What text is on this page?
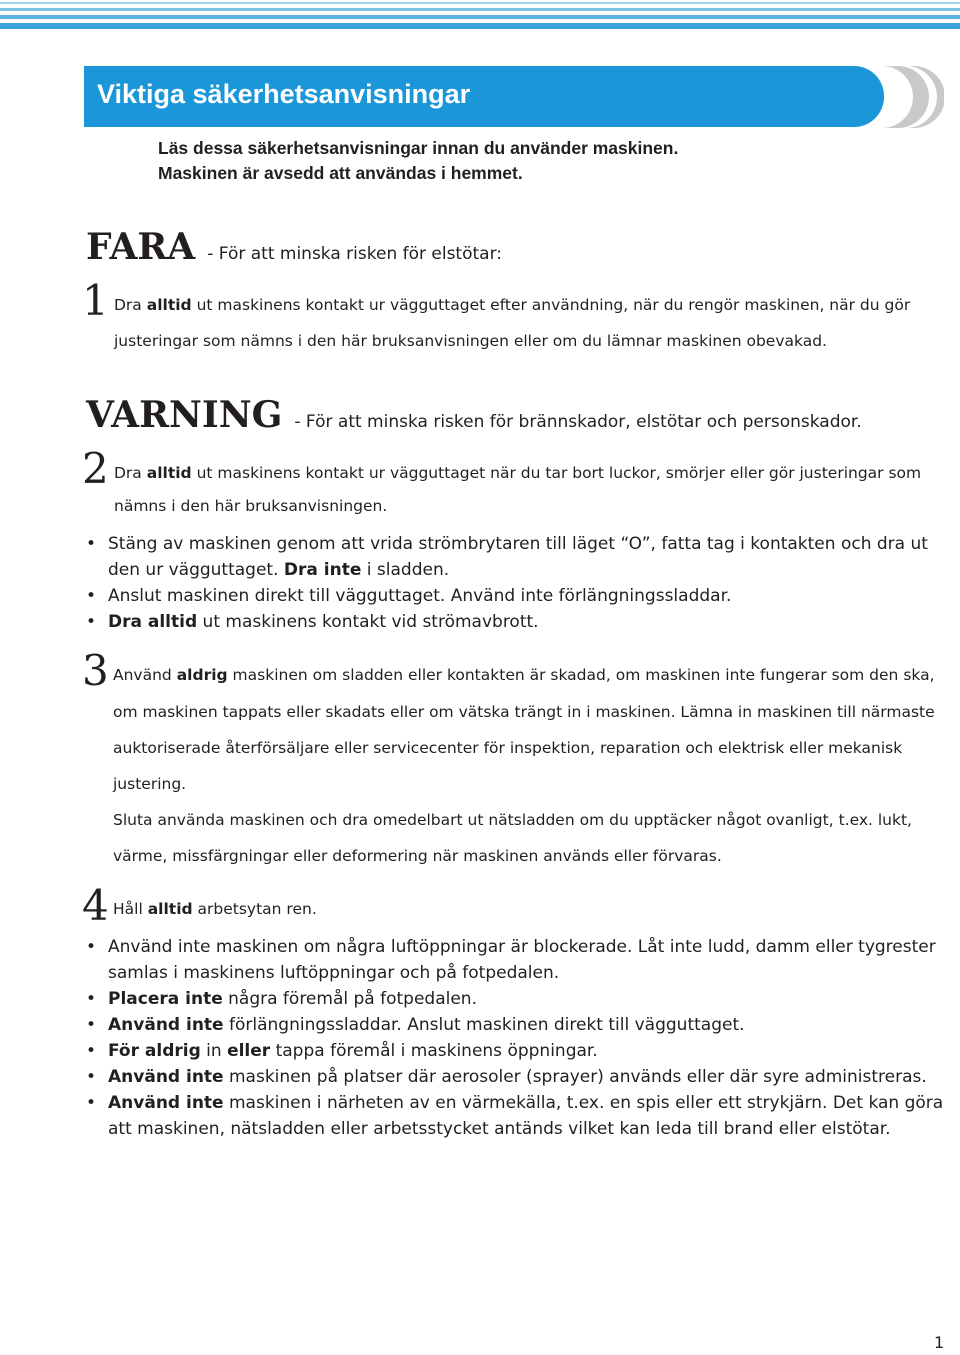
Viktiga säkerhetsanvisningar
Läs dessa säkerhetsanvisningar innan du använder maskinen.
Maskinen är avsedd att användas i hemmet.
FARA - För att minska risken för elstötar:
1 Dra alltid ut maskinens kontakt ur vägguttaget efter användning, när du rengör maskinen, när du gör
justeringar som nämns i den här bruksanvisningen eller om du lämnar maskinen obevakad.
VARNING - För att minska risken för brännskador, elstötar och personskador.
2 Dra alltid ut maskinens kontakt ur vägguttaget när du tar bort luckor, smörjer eller gör justeringar som
nämns i den här bruksanvisningen.
• Stäng av maskinen genom att vrida strömbrytaren till läget “O”, fatta tag i kontakten och dra ut den ur vägguttaget. Dra inte i sladden.
• Anslut maskinen direkt till vägguttaget. Använd inte förlängningssladdar.
• Dra alltid ut maskinens kontakt vid strömavbrott.
3 Använd aldrig maskinen om sladden eller kontakten är skadad, om maskinen inte fungerar som den ska,
om maskinen tappats eller skadats eller om vätska trängt in i maskinen. Lämna in maskinen till närmaste
auktoriserade återförsäljare eller servicecenter för inspektion, reparation och elektrisk eller mekanisk
justering.
Sluta använda maskinen och dra omedelbart ut nätsladden om du upptäcker något ovanligt, t.ex. lukt,
värme, missfärgningar eller deformering när maskinen används eller förvaras.
4 Håll alltid arbetsytan ren.
• Använd inte maskinen om några luftöppningar är blockerade. Låt inte ludd, damm eller tygrester samlas i maskinens luftöppningar och på fotpedalen.
• Placera inte några föremål på fotpedalen.
• Använd inte förlängningssladdar. Anslut maskinen direkt till vägguttaget.
• För aldrig in eller tappa föremål i maskinens öppningar.
• Använd inte maskinen på platser där aerosoler (sprayer) används eller där syre administreras.
• Använd inte maskinen i närheten av en värmekälla, t.ex. en spis eller ett strykjärn. Det kan göra att maskinen, nätsladden eller arbetsstycket antänds vilket kan leda till brand eller elstötar.
1
